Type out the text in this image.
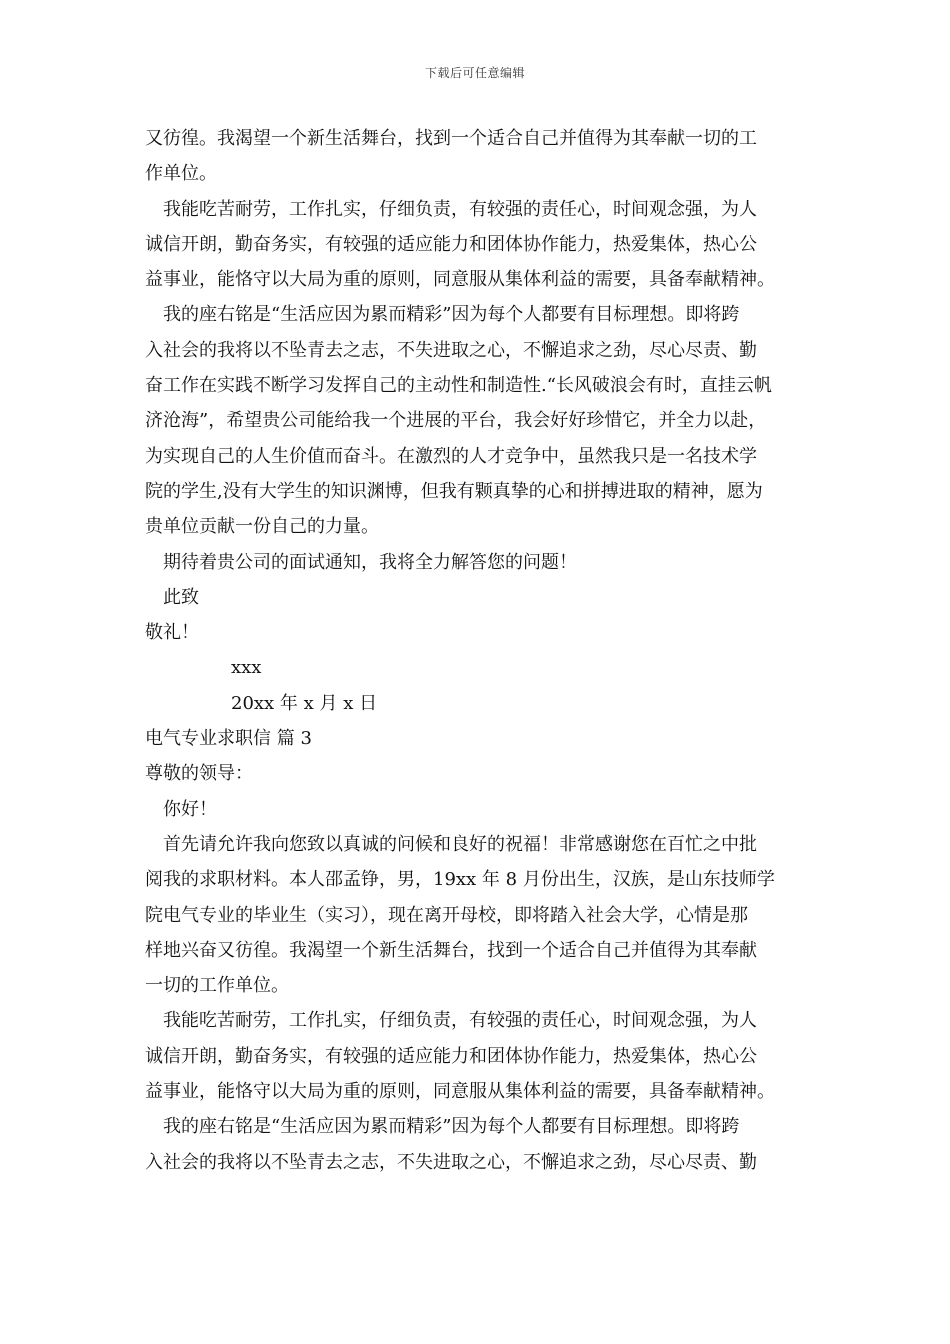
下载后可任意编辑
又彷徨。我渴望一个新生活舞台，找到一个适合自己并值得为其奉献一切的工
作单位。
我能吃苦耐劳，工作扎实，仔细负责，有较强的责任心，时间观念强，为人
诚信开朗，勤奋务实，有较强的适应能力和团体协作能力，热爱集体，热心公
益事业，能恪守以大局为重的原则，同意服从集体利益的需要，具备奉献精神。
我的座右铭是“生活应因为累而精彩”因为每个人都要有目标理想。即将跨
入社会的我将以不坠青去之志，不失进取之心，不懈追求之劲，尽心尽责、勤
奋工作在实践不断学习发挥自己的主动性和制造性.“长风破浪会有时，直挂云帆
济沧海”，希望贵公司能给我一个进展的平台，我会好好珍惜它，并全力以赴，
为实现自己的人生价值而奋斗。在激烈的人才竞争中，虽然我只是一名技术学
院的学生,没有大学生的知识渊博，但我有颗真挚的心和拼搏进取的精神，愿为
贵单位贡献一份自己的力量。
期待着贵公司的面试通知，我将全力解答您的问题！
此致
敬礼！
xxx
20xx 年 x 月 x 日
电气专业求职信 篇 3
尊敬的领导：
你好！
首先请允许我向您致以真诚的问候和良好的祝福！非常感谢您在百忙之中批
阅我的求职材料。本人邵孟铮，男，19xx 年 8 月份出生，汉族，是山东技师学
院电气专业的毕业生（实习），现在离开母校，即将踏入社会大学，心情是那
样地兴奋又彷徨。我渴望一个新生活舞台，找到一个适合自己并值得为其奉献
一切的工作单位。
我能吃苦耐劳，工作扎实，仔细负责，有较强的责任心，时间观念强，为人
诚信开朗，勤奋务实，有较强的适应能力和团体协作能力，热爱集体，热心公
益事业，能恪守以大局为重的原则，同意服从集体利益的需要，具备奉献精神。
我的座右铭是“生活应因为累而精彩”因为每个人都要有目标理想。即将跨
入社会的我将以不坠青去之志，不失进取之心，不懈追求之劲，尽心尽责、勤
